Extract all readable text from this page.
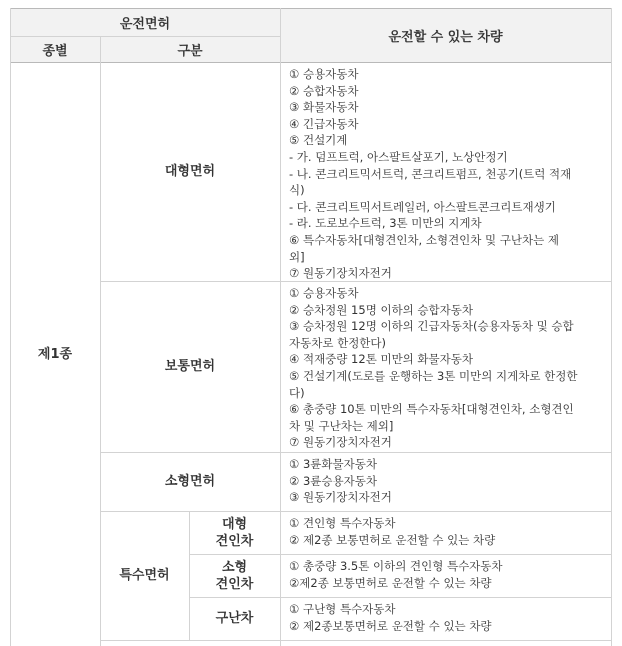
운전면허
운전할 수 있는 차량
종별	구분
제1종
대형면허
① 승용자동차
② 승합자동차
③ 화물자동차
④ 긴급자동차
⑤ 건설기계
- 가. 덤프트럭, 아스팔트살포기, 노상안정기
- 나. 콘크리트믹서트럭, 콘크리트펌프, 천공기(트럭 적재
식)
- 다. 콘크리트믹서트레일러, 아스팔트콘크리트재생기
- 라. 도로보수트럭, 3톤 미만의 지게차
⑥ 특수자동차[대형견인차, 소형견인차 및 구난차는 제
외]
⑦ 원동기장치자전거
보통면허
① 승용자동차
② 승차정원 15명 이하의 승합자동차
③ 승차정원 12명 이하의 긴급자동차(승용자동차 및 승합
자동차로 한정한다)
④ 적재중량 12톤 미만의 화물자동차
⑤ 건설기계(도로를 운행하는 3톤 미만의 지게차로 한정한
다)
⑥ 총중량 10톤 미만의 특수자동차[대형견인차, 소형견인
차 및 구난차는 제외]
⑦ 원동기장치자전거
소형면허
① 3륜화물자동차
② 3륜승용자동차
③ 원동기장치자전거
특수면허
대형
견인차
① 견인형 특수자동차
② 제2종 보통면허로 운전할 수 있는 차량
소형
견인차
① 총중량 3.5톤 이하의 견인형 특수자동차
②제2종 보통면허로 운전할 수 있는 차량
구난차
① 구난형 특수자동차
② 제2종보통면허로 운전할 수 있는 차량
